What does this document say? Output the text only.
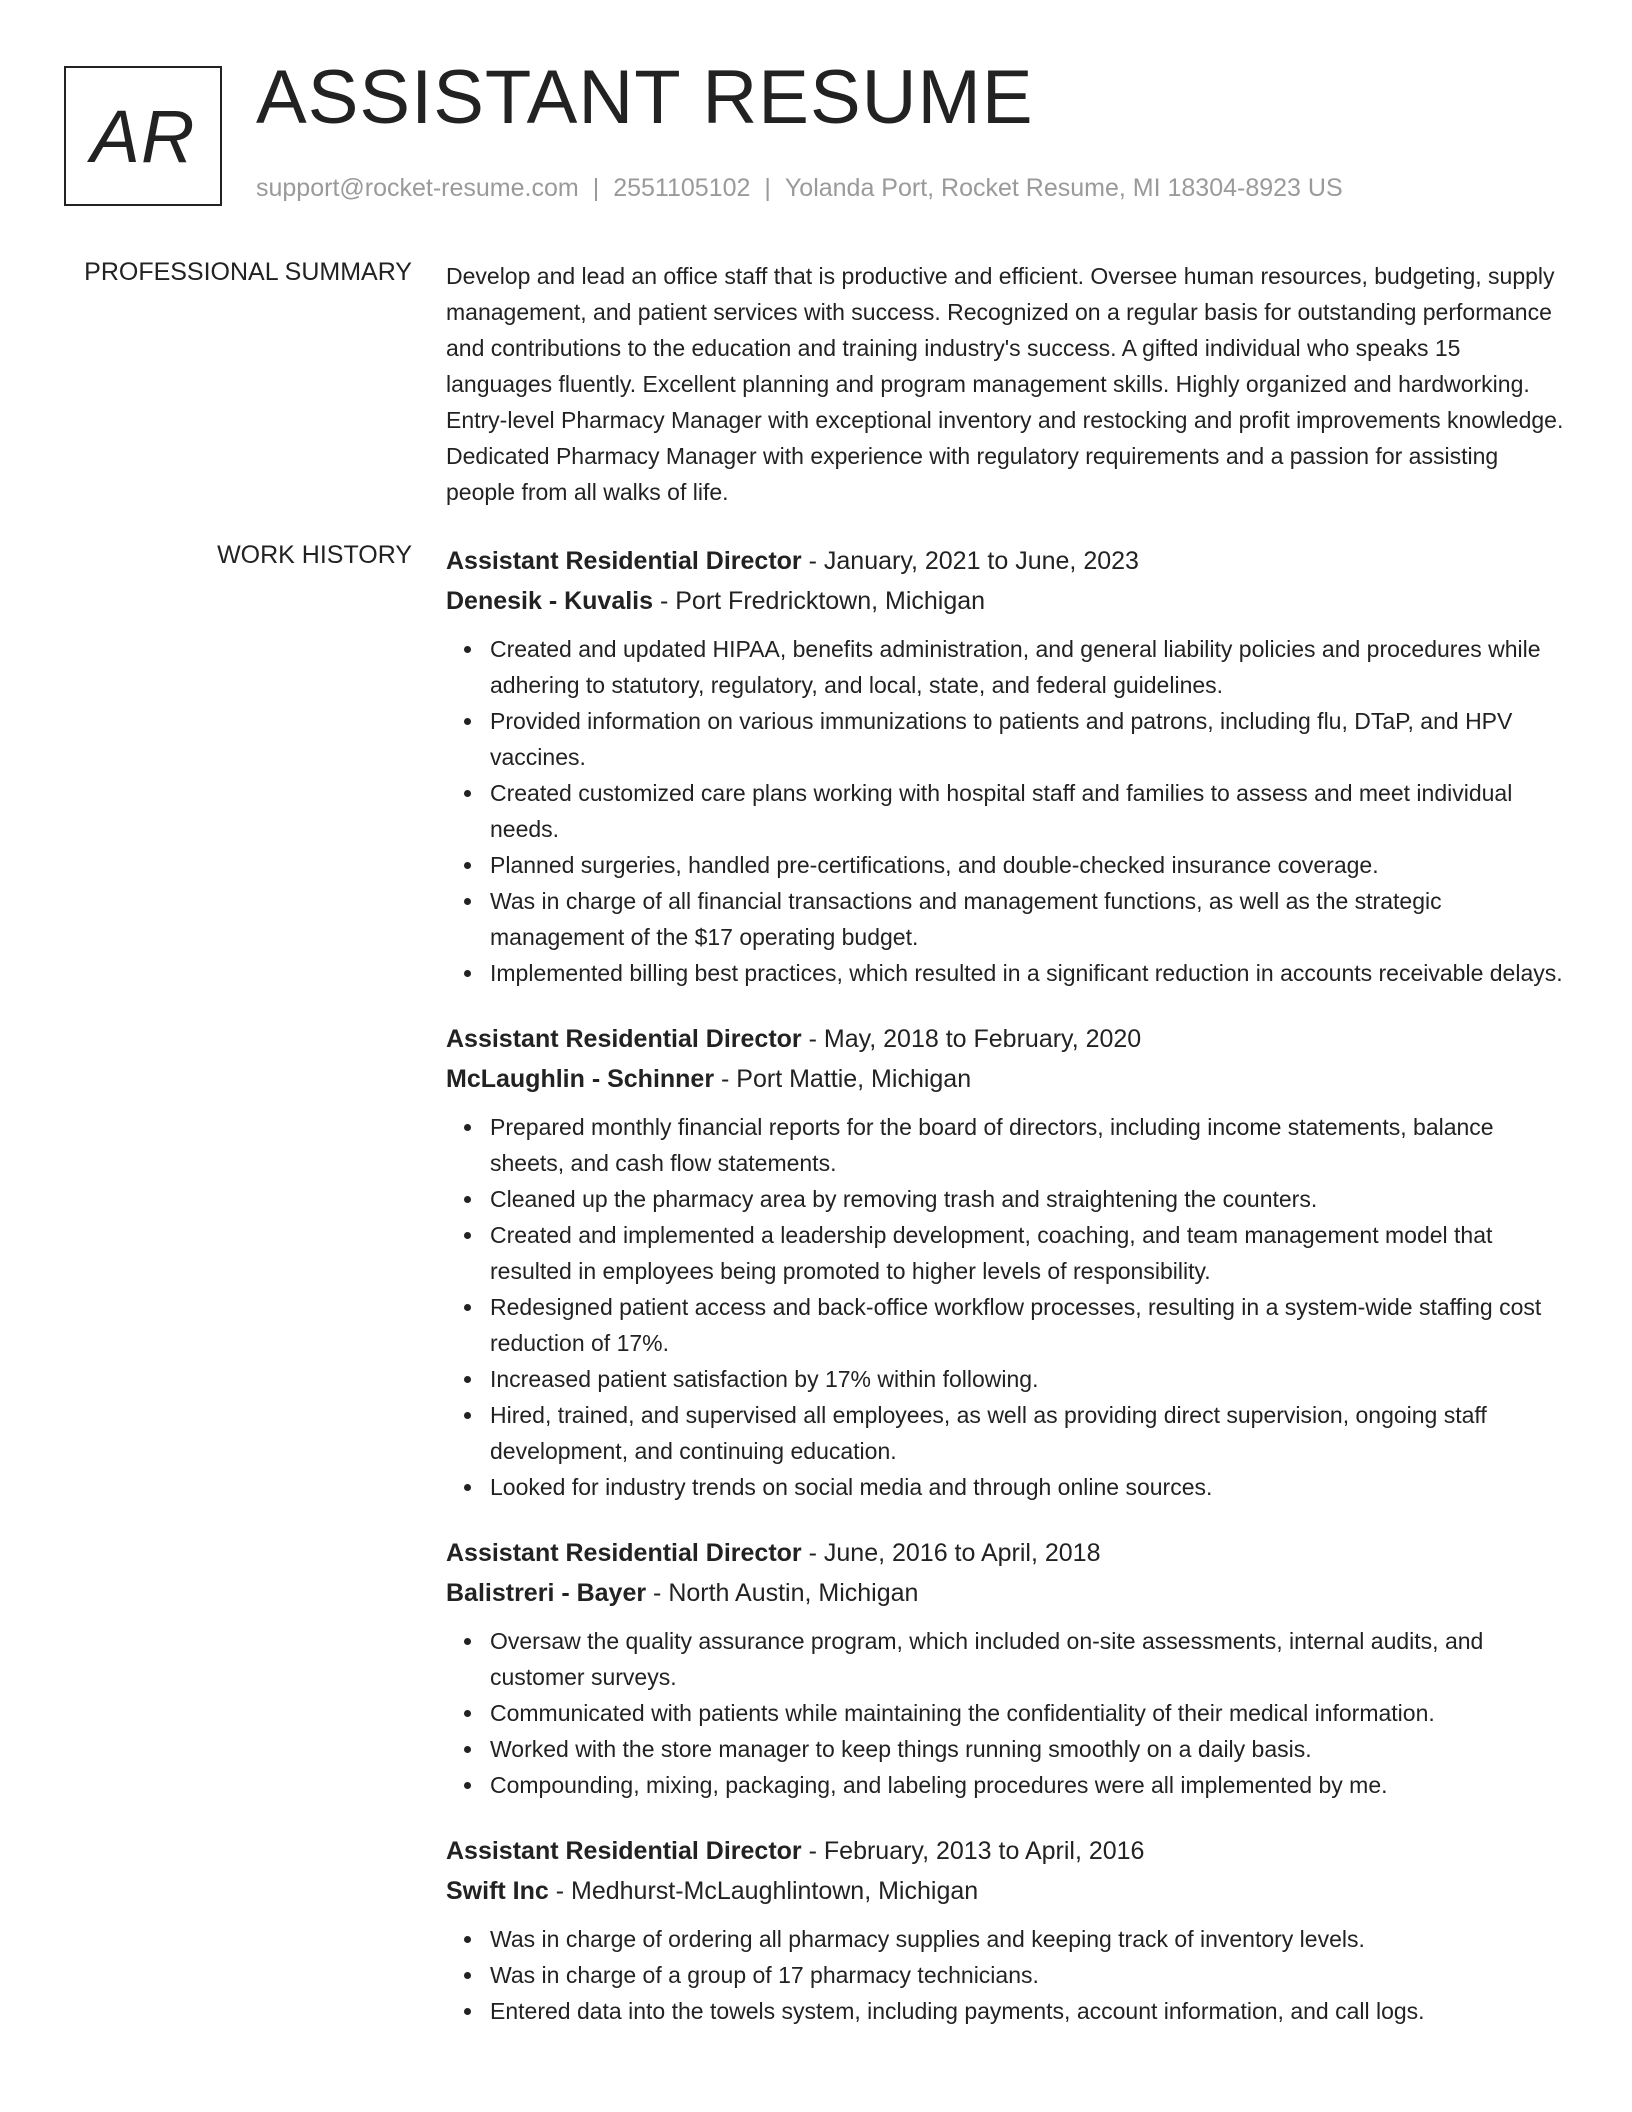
AR ASSISTANT RESUME
support@rocket-resume.com | 2551105102 | Yolanda Port, Rocket Resume, MI 18304-8923 US
PROFESSIONAL SUMMARY Develop and lead an office staff that is productive and efficient. Oversee human resources, budgeting, supply management, and patient services with success. Recognized on a regular basis for outstanding performance and contributions to the education and training industry's success. A gifted individual who speaks 15 languages fluently. Excellent planning and program management skills. Highly organized and hardworking. Entry-level Pharmacy Manager with exceptional inventory and restocking and profit improvements knowledge. Dedicated Pharmacy Manager with experience with regulatory requirements and a passion for assisting people from all walks of life.

WORK HISTORY Assistant Residential Director - January, 2021 to June, 2023
Denesik - Kuvalis - Port Fredricktown, Michigan
Created and updated HIPAA, benefits administration, and general liability policies and procedures while adhering to statutory, regulatory, and local, state, and federal guidelines.
Provided information on various immunizations to patients and patrons, including flu, DTaP, and HPV vaccines.
Created customized care plans working with hospital staff and families to assess and meet individual needs.
Planned surgeries, handled pre-certifications, and double-checked insurance coverage.
Was in charge of all financial transactions and management functions, as well as the strategic management of the $17 operating budget.
Implemented billing best practices, which resulted in a significant reduction in accounts receivable delays.
Assistant Residential Director - May, 2018 to February, 2020
McLaughlin - Schinner - Port Mattie, Michigan
Prepared monthly financial reports for the board of directors, including income statements, balance sheets, and cash flow statements.
Cleaned up the pharmacy area by removing trash and straightening the counters.
Created and implemented a leadership development, coaching, and team management model that resulted in employees being promoted to higher levels of responsibility.
Redesigned patient access and back-office workflow processes, resulting in a system-wide staffing cost reduction of 17%.
Increased patient satisfaction by 17% within following.
Hired, trained, and supervised all employees, as well as providing direct supervision, ongoing staff development, and continuing education.
Looked for industry trends on social media and through online sources.
Assistant Residential Director - June, 2016 to April, 2018
Balistreri - Bayer - North Austin, Michigan
Oversaw the quality assurance program, which included on-site assessments, internal audits, and customer surveys.
Communicated with patients while maintaining the confidentiality of their medical information.
Worked with the store manager to keep things running smoothly on a daily basis.
Compounding, mixing, packaging, and labeling procedures were all implemented by me.
Assistant Residential Director - February, 2013 to April, 2016
Swift Inc - Medhurst-McLaughlintown, Michigan
Was in charge of ordering all pharmacy supplies and keeping track of inventory levels.
Was in charge of a group of 17 pharmacy technicians.
Entered data into the towels system, including payments, account information, and call logs.
